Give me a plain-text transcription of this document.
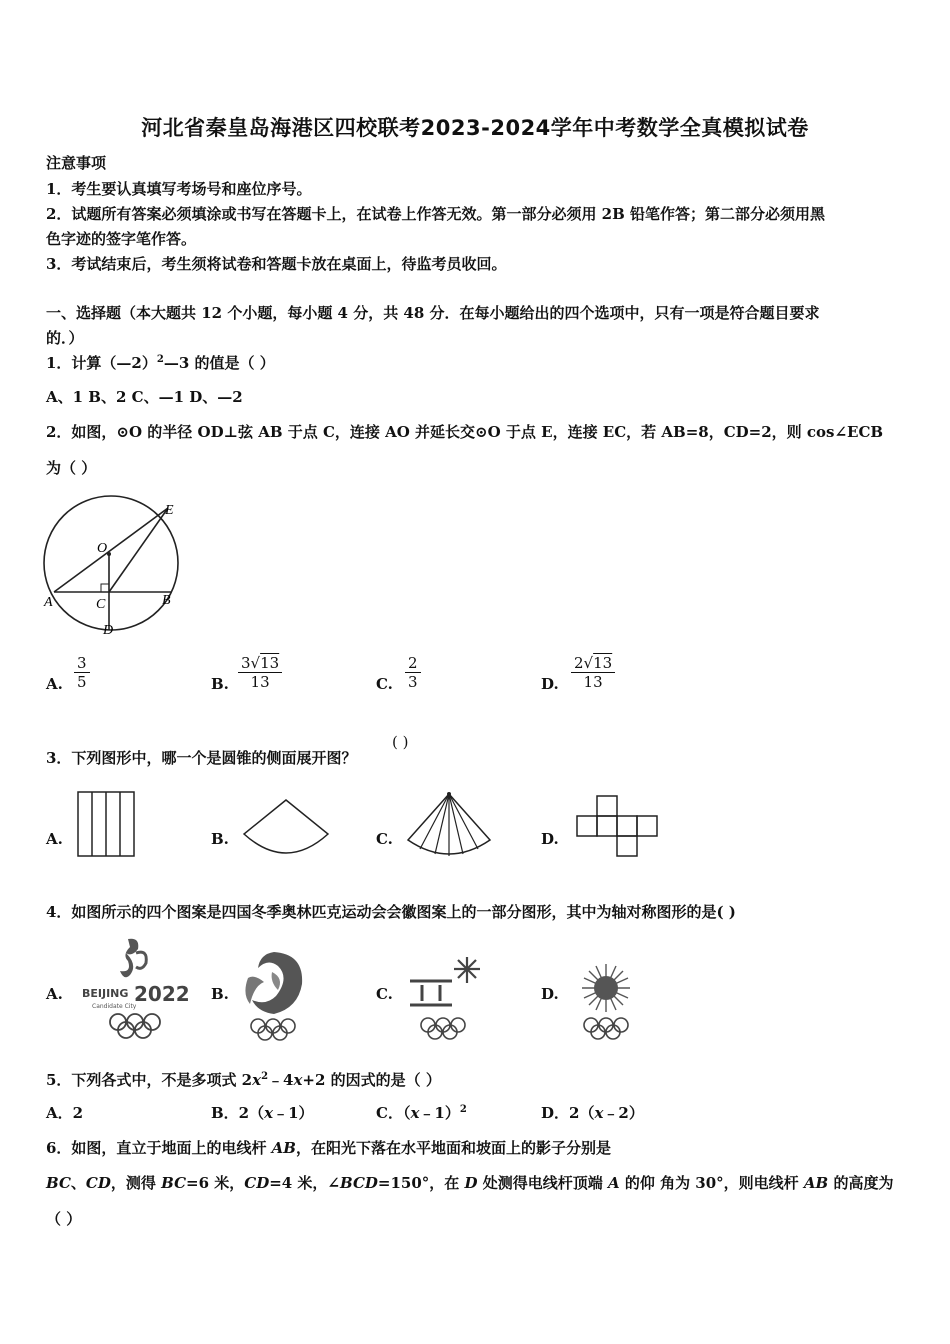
河北省秦皇岛海港区四校联考2023-2024学年中考数学全真模拟试卷
注意事项
1．考生要认真填写考场号和座位序号。
2．试题所有答案必须填涂或书写在答题卡上，在试卷上作答无效。第一部分必须用 2B 铅笔作答；第二部分必须用黑
色字迹的签字笔作答。
3．考试结束后，考生须将试卷和答题卡放在桌面上，待监考员收回。
一、选择题（本大题共 12 个小题，每小题 4 分，共 48 分．在每小题给出的四个选项中，只有一项是符合题目要求
的．）
1．计算（—2）$^2$—3 的值是（ ）
A、1 B、2 C、—1 D、—2
2．如图，⊙O 的半径 OD⊥弦 AB 于点 C，连接 AO 并延长交⊙O 于点 E，连接 EC，若 AB=8，CD=2，则 cos∠ECB
为（ ）
O
E
A	C	B
D
A. $\frac{3}{5}$	B. $\frac{3√13}{13}$	C. $\frac{2}{3}$	D. $\frac{2√13}{13}$
3．下列图形中，哪一个是圆锥的侧面展开图？
( )
A.	B.	C.	D.
4．如图所示的四个图案是四国冬季奥林匹克运动会会徽图案上的一部分图形，其中为轴对称图形的是( )
A. BEIJING 2022
Candidate City
B.	C.	D.
5．下列各式中，不是多项式 $2x^2﹣4x+2$ 的因式的是（ ）
A．2	B．2（x﹣1）	C．（x﹣1）$^2$	D．2（x﹣2）
6．如图，直立于地面上的电线杆 AB，在阳光下落在水平地面和坡面上的影子分别是
BC、CD，测得 BC=6 米，CD=4 米，∠BCD=150°，在 D 处测得电线杆顶端 A 的仰 角为 30°，则电线杆 AB 的高度为
（ ）
